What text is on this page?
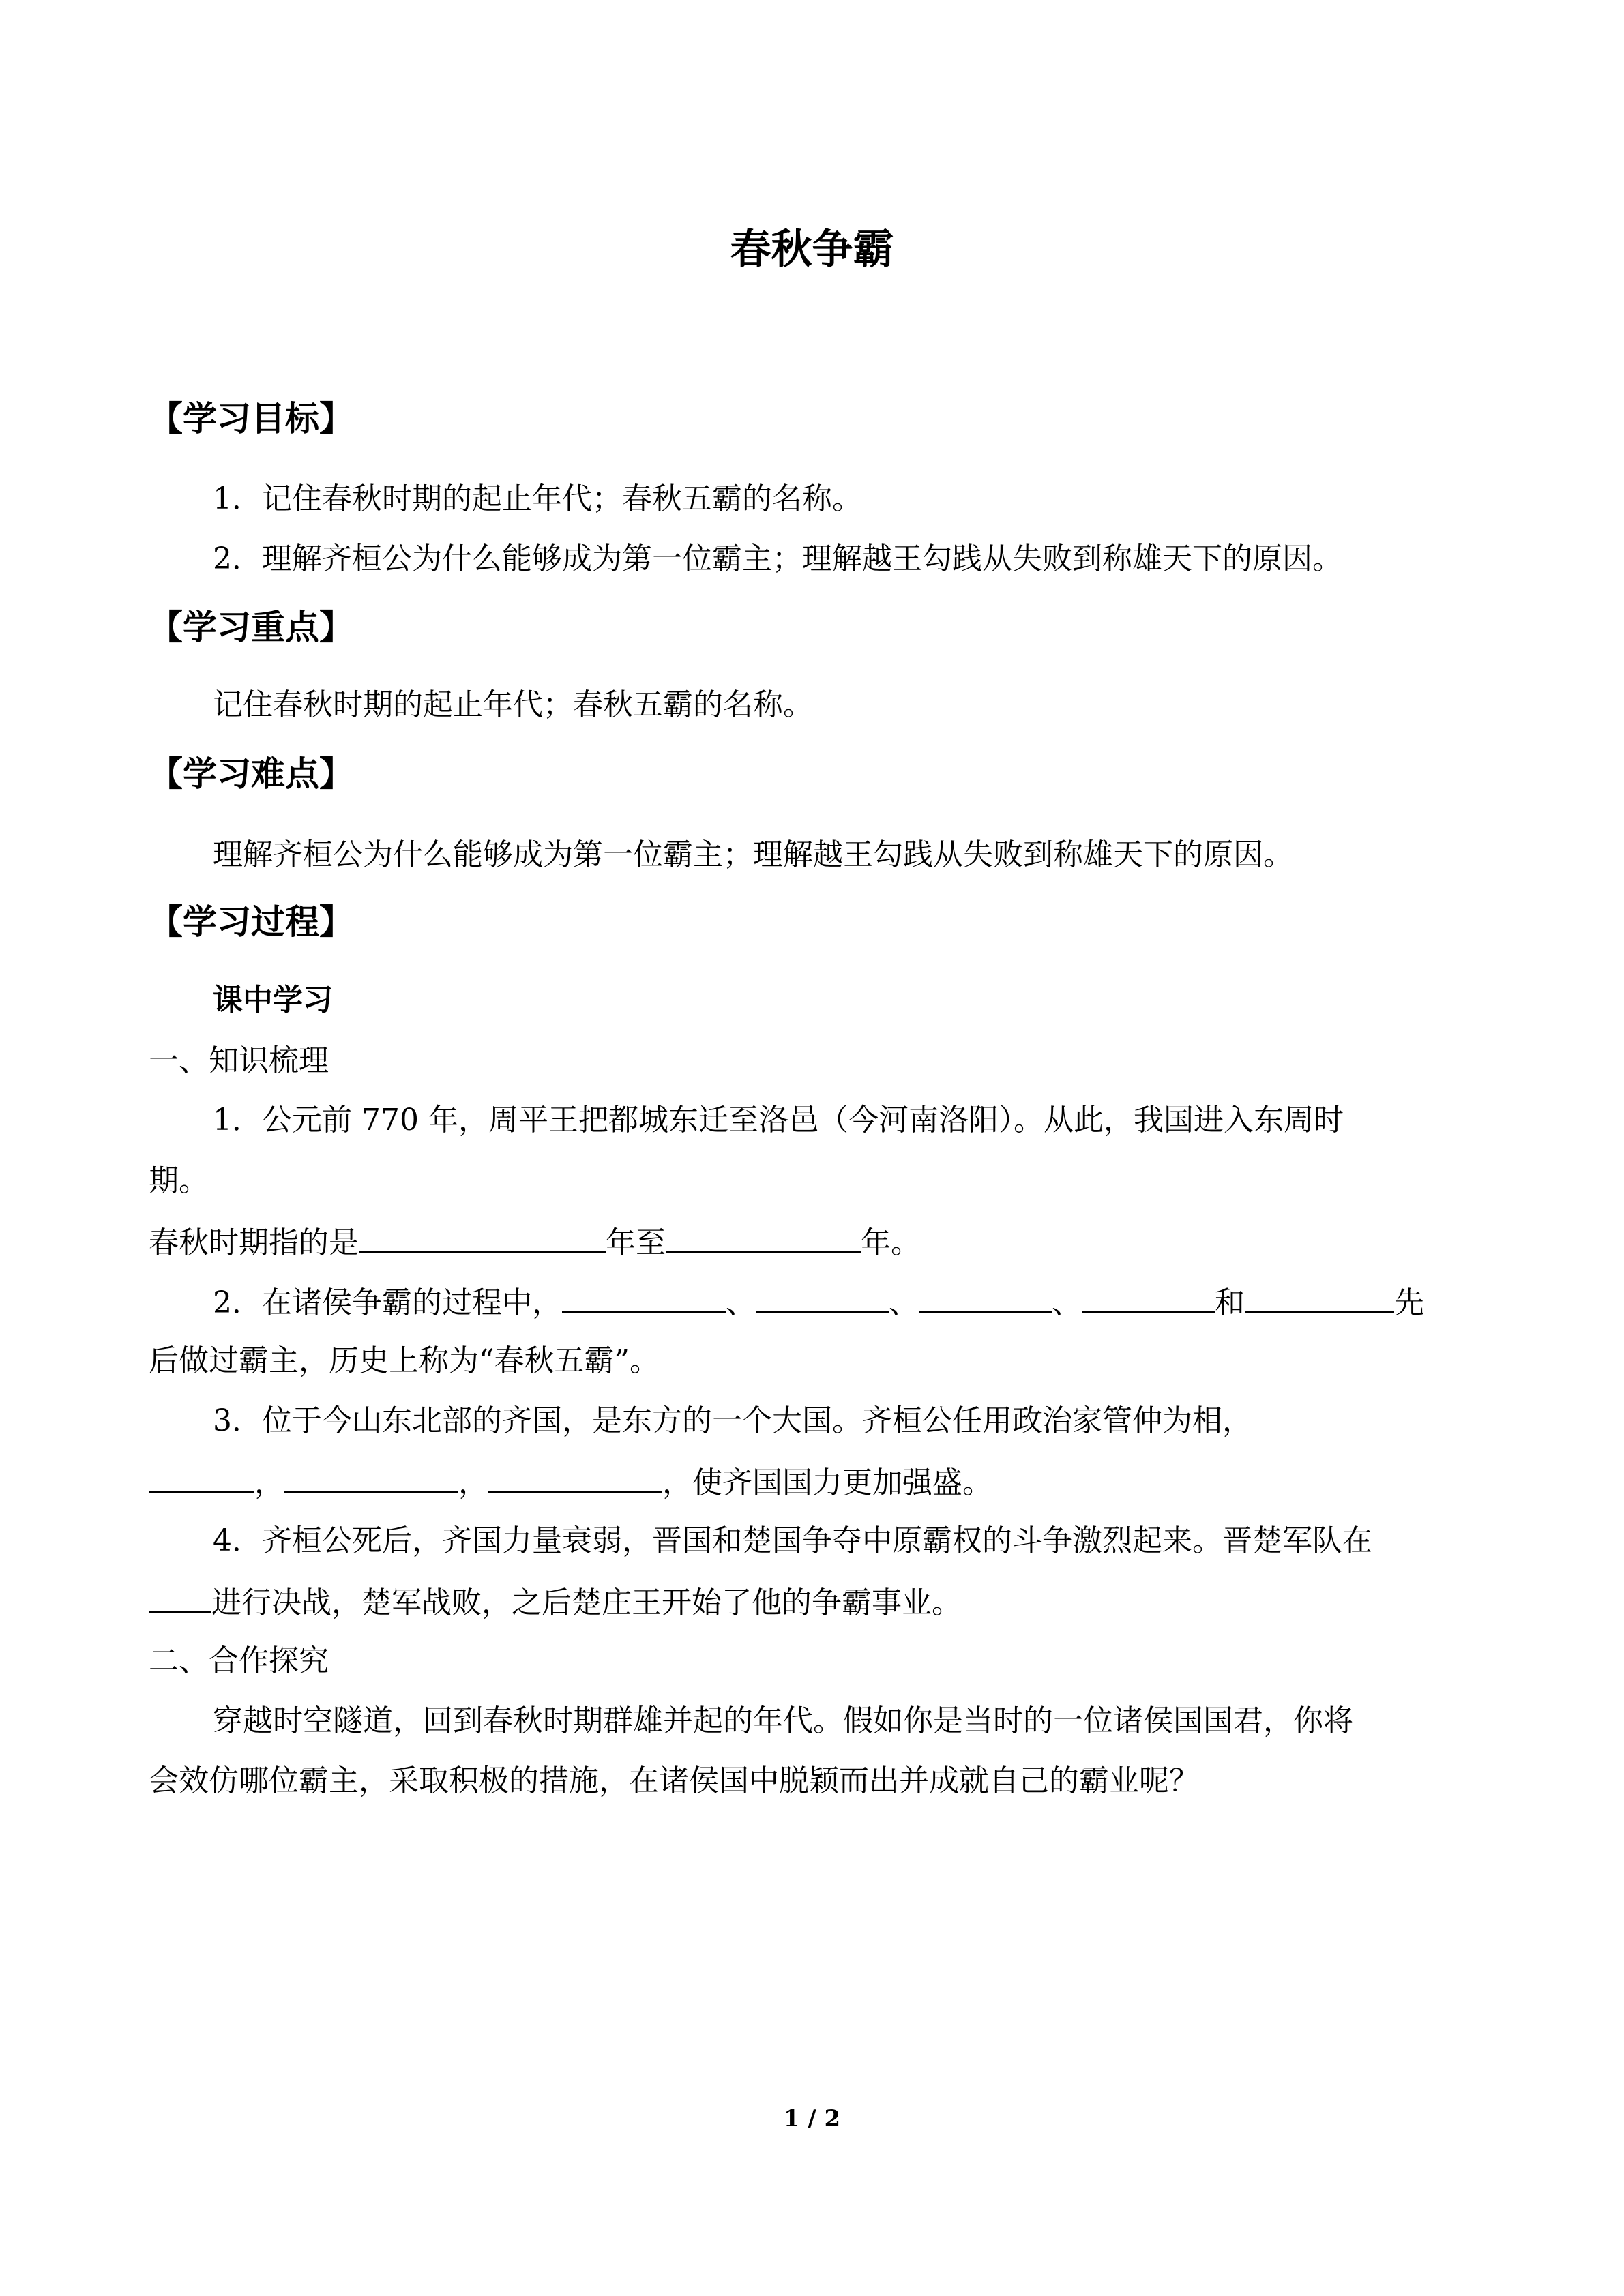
春秋争霸
【学习目标】
1．记住春秋时期的起止年代；春秋五霸的名称。
2．理解齐桓公为什么能够成为第一位霸主；理解越王勾践从失败到称雄天下的原因。
【学习重点】
记住春秋时期的起止年代；春秋五霸的名称。
【学习难点】
理解齐桓公为什么能够成为第一位霸主；理解越王勾践从失败到称雄天下的原因。
【学习过程】
课中学习
一、知识梳理
1．公元前 770 年，周平王把都城东迁至洛邑（今河南洛阳）。从此，我国进入东周时
期。
春秋时期指的是	年至	年。
2．在诸侯争霸的过程中，	、	、	、	和	先
后做过霸主，历史上称为“春秋五霸”。
3．位于今山东北部的齐国，是东方的一个大国。齐桓公任用政治家管仲为相，
，	，	，使齐国国力更加强盛。
4．齐桓公死后，齐国力量衰弱，晋国和楚国争夺中原霸权的斗争激烈起来。晋楚军队在
进行决战，楚军战败，之后楚庄王开始了他的争霸事业。
二、合作探究
穿越时空隧道，回到春秋时期群雄并起的年代。假如你是当时的一位诸侯国国君，你将
会效仿哪位霸主，采取积极的措施，在诸侯国中脱颖而出并成就自己的霸业呢？
1 / 2
